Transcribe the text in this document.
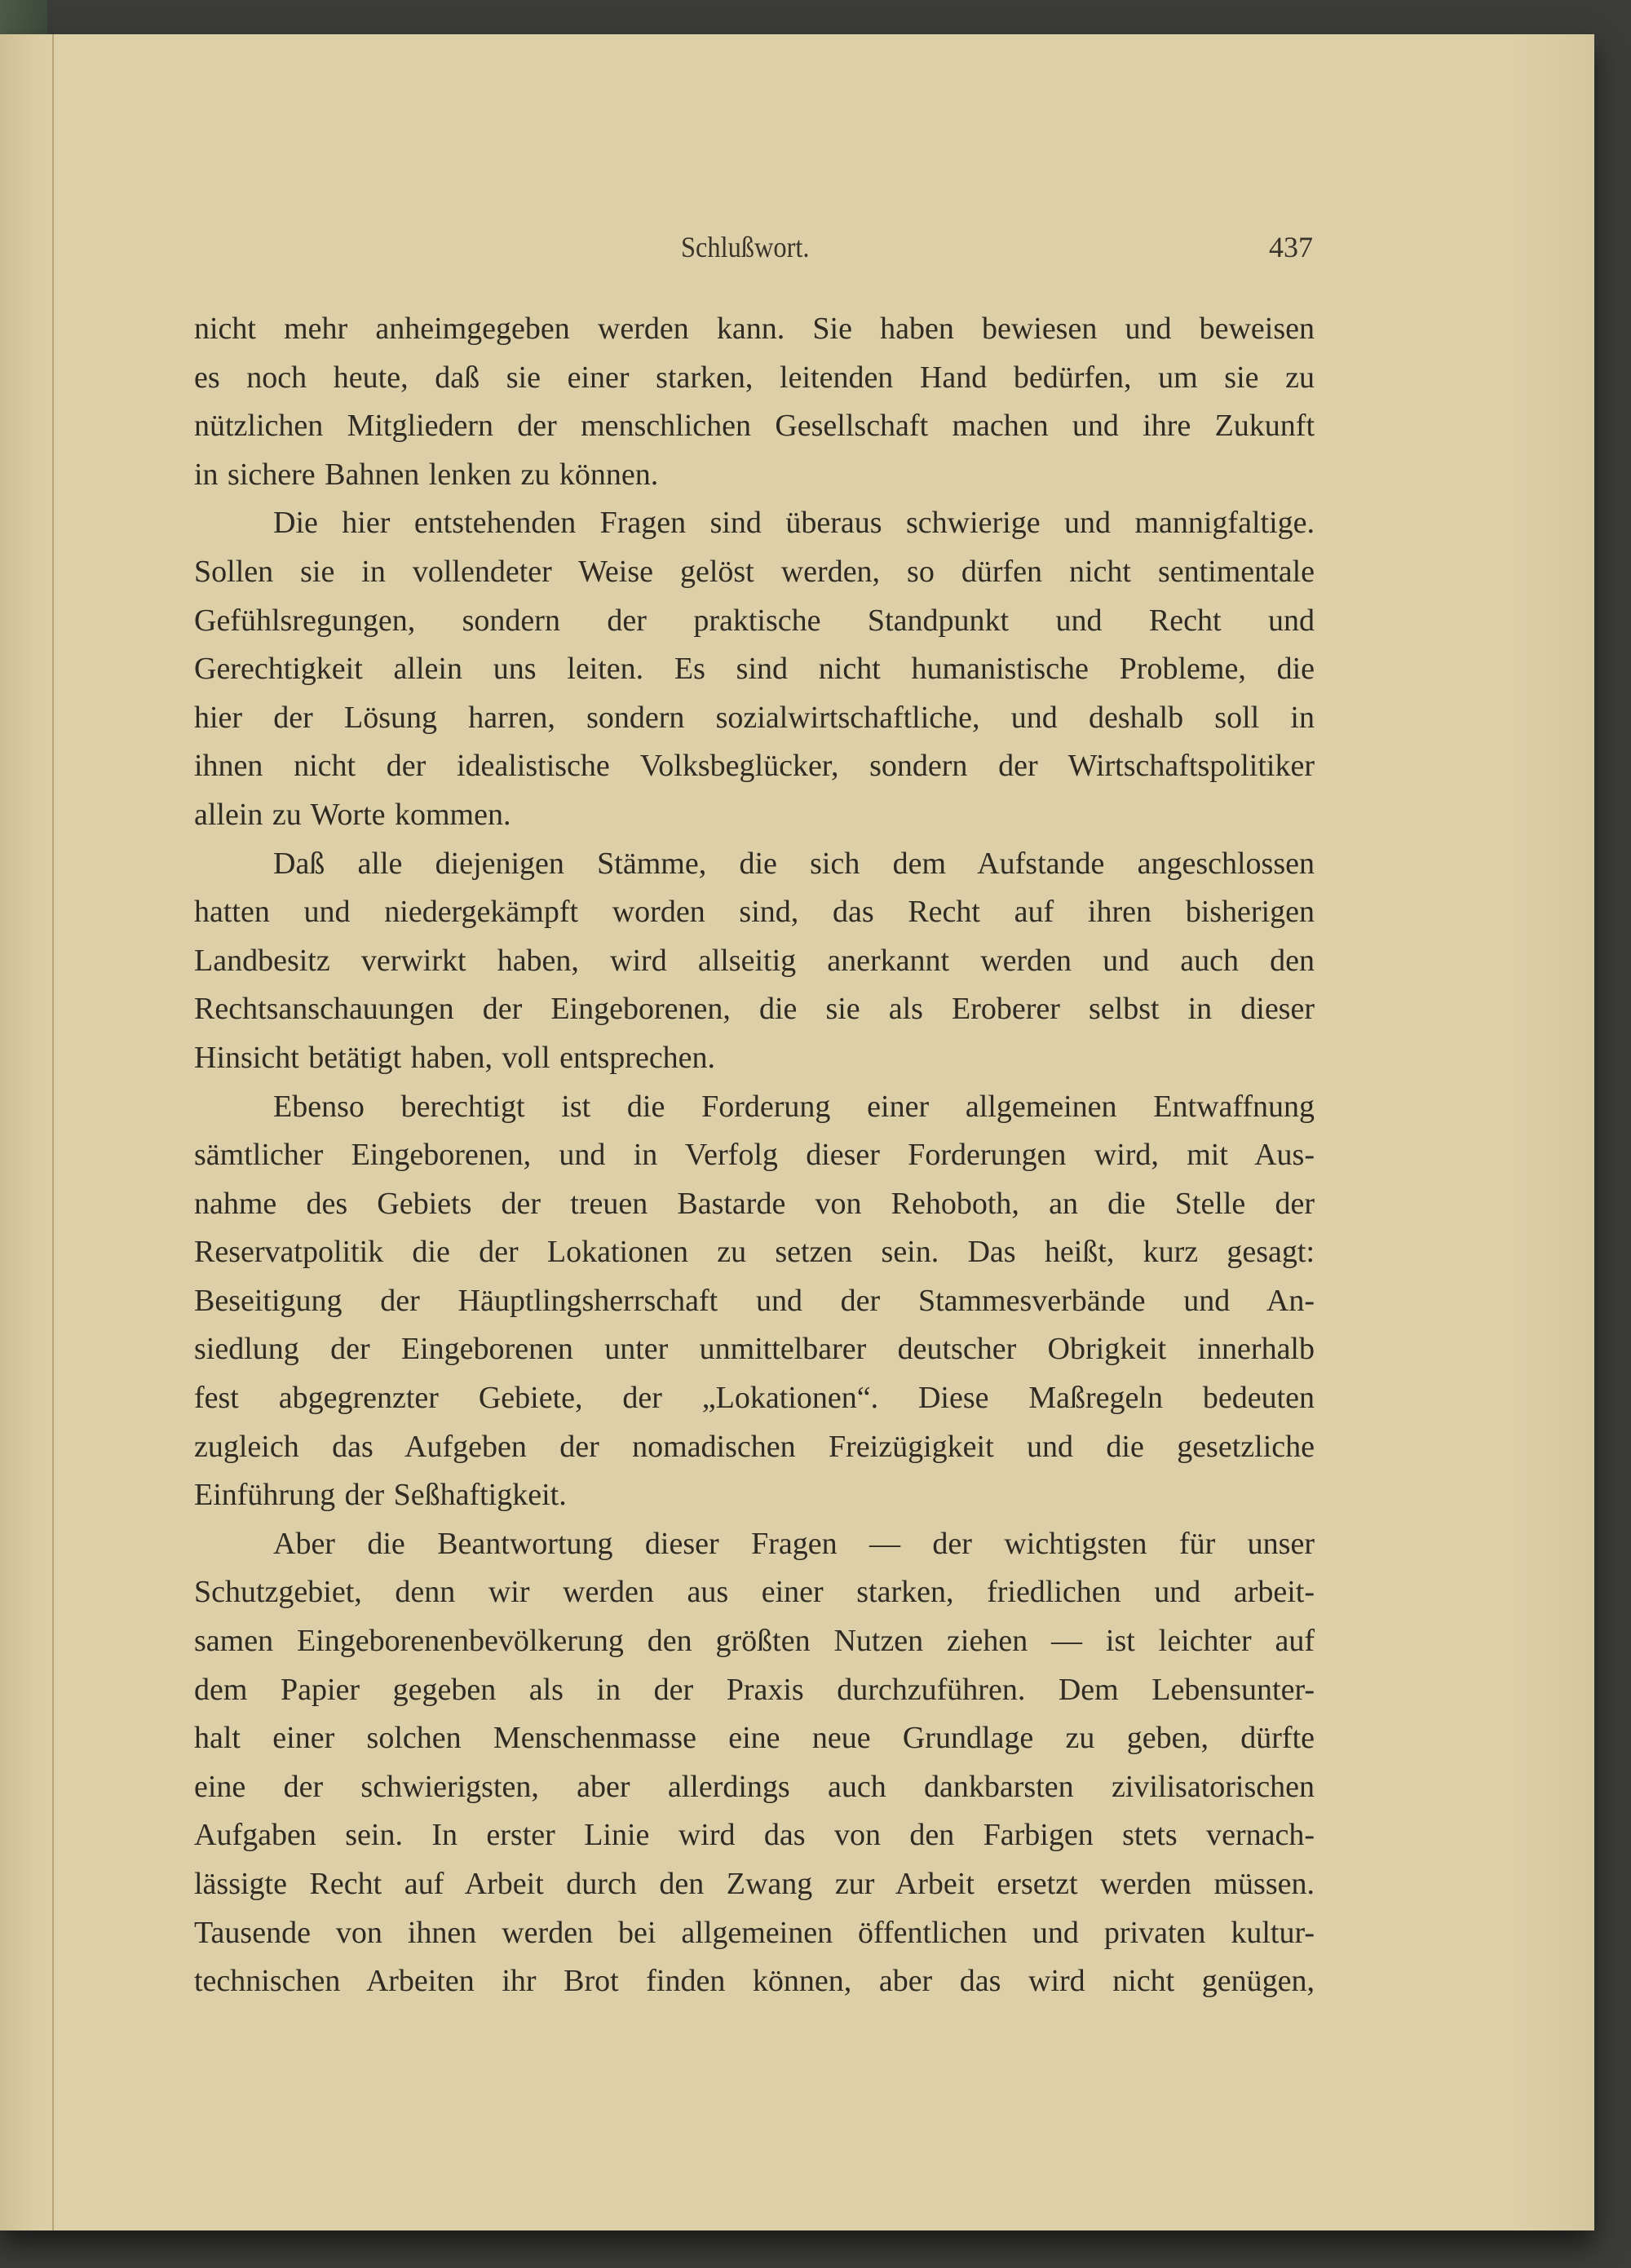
Schlußwort.	437
nicht mehr anheimgegeben werden kann. Sie haben bewiesen und beweisen
es noch heute, daß sie einer starken, leitenden Hand bedürfen, um sie zu
nützlichen Mitgliedern der menschlichen Gesellschaft machen und ihre Zukunft
in sichere Bahnen lenken zu können.
Die hier entstehenden Fragen sind überaus schwierige und mannigfaltige.
Sollen sie in vollendeter Weise gelöst werden, so dürfen nicht sentimentale
Gefühlsregungen, sondern der praktische Standpunkt und Recht und
Gerechtigkeit allein uns leiten. Es sind nicht humanistische Probleme, die
hier der Lösung harren, sondern sozialwirtschaftliche, und deshalb soll in
ihnen nicht der idealistische Volksbeglücker, sondern der Wirtschaftspolitiker
allein zu Worte kommen.
Daß alle diejenigen Stämme, die sich dem Aufstande angeschlossen
hatten und niedergekämpft worden sind, das Recht auf ihren bisherigen
Landbesitz verwirkt haben, wird allseitig anerkannt werden und auch den
Rechtsanschauungen der Eingeborenen, die sie als Eroberer selbst in dieser
Hinsicht betätigt haben, voll entsprechen.
Ebenso berechtigt ist die Forderung einer allgemeinen Entwaffnung
sämtlicher Eingeborenen, und in Verfolg dieser Forderungen wird, mit Aus-
nahme des Gebiets der treuen Bastarde von Rehoboth, an die Stelle der
Reservatpolitik die der Lokationen zu setzen sein. Das heißt, kurz gesagt:
Beseitigung der Häuptlingsherrschaft und der Stammesverbände und An-
siedlung der Eingeborenen unter unmittelbarer deutscher Obrigkeit innerhalb
fest abgegrenzter Gebiete, der „Lokationen“. Diese Maßregeln bedeuten
zugleich das Aufgeben der nomadischen Freizügigkeit und die gesetzliche
Einführung der Seßhaftigkeit.
Aber die Beantwortung dieser Fragen — der wichtigsten für unser
Schutzgebiet, denn wir werden aus einer starken, friedlichen und arbeit-
samen Eingeborenenbevölkerung den größten Nutzen ziehen — ist leichter auf
dem Papier gegeben als in der Praxis durchzuführen. Dem Lebensunter-
halt einer solchen Menschenmasse eine neue Grundlage zu geben, dürfte
eine der schwierigsten, aber allerdings auch dankbarsten zivilisatorischen
Aufgaben sein. In erster Linie wird das von den Farbigen stets vernach-
lässigte Recht auf Arbeit durch den Zwang zur Arbeit ersetzt werden müssen.
Tausende von ihnen werden bei allgemeinen öffentlichen und privaten kultur-
technischen Arbeiten ihr Brot finden können, aber das wird nicht genügen,
